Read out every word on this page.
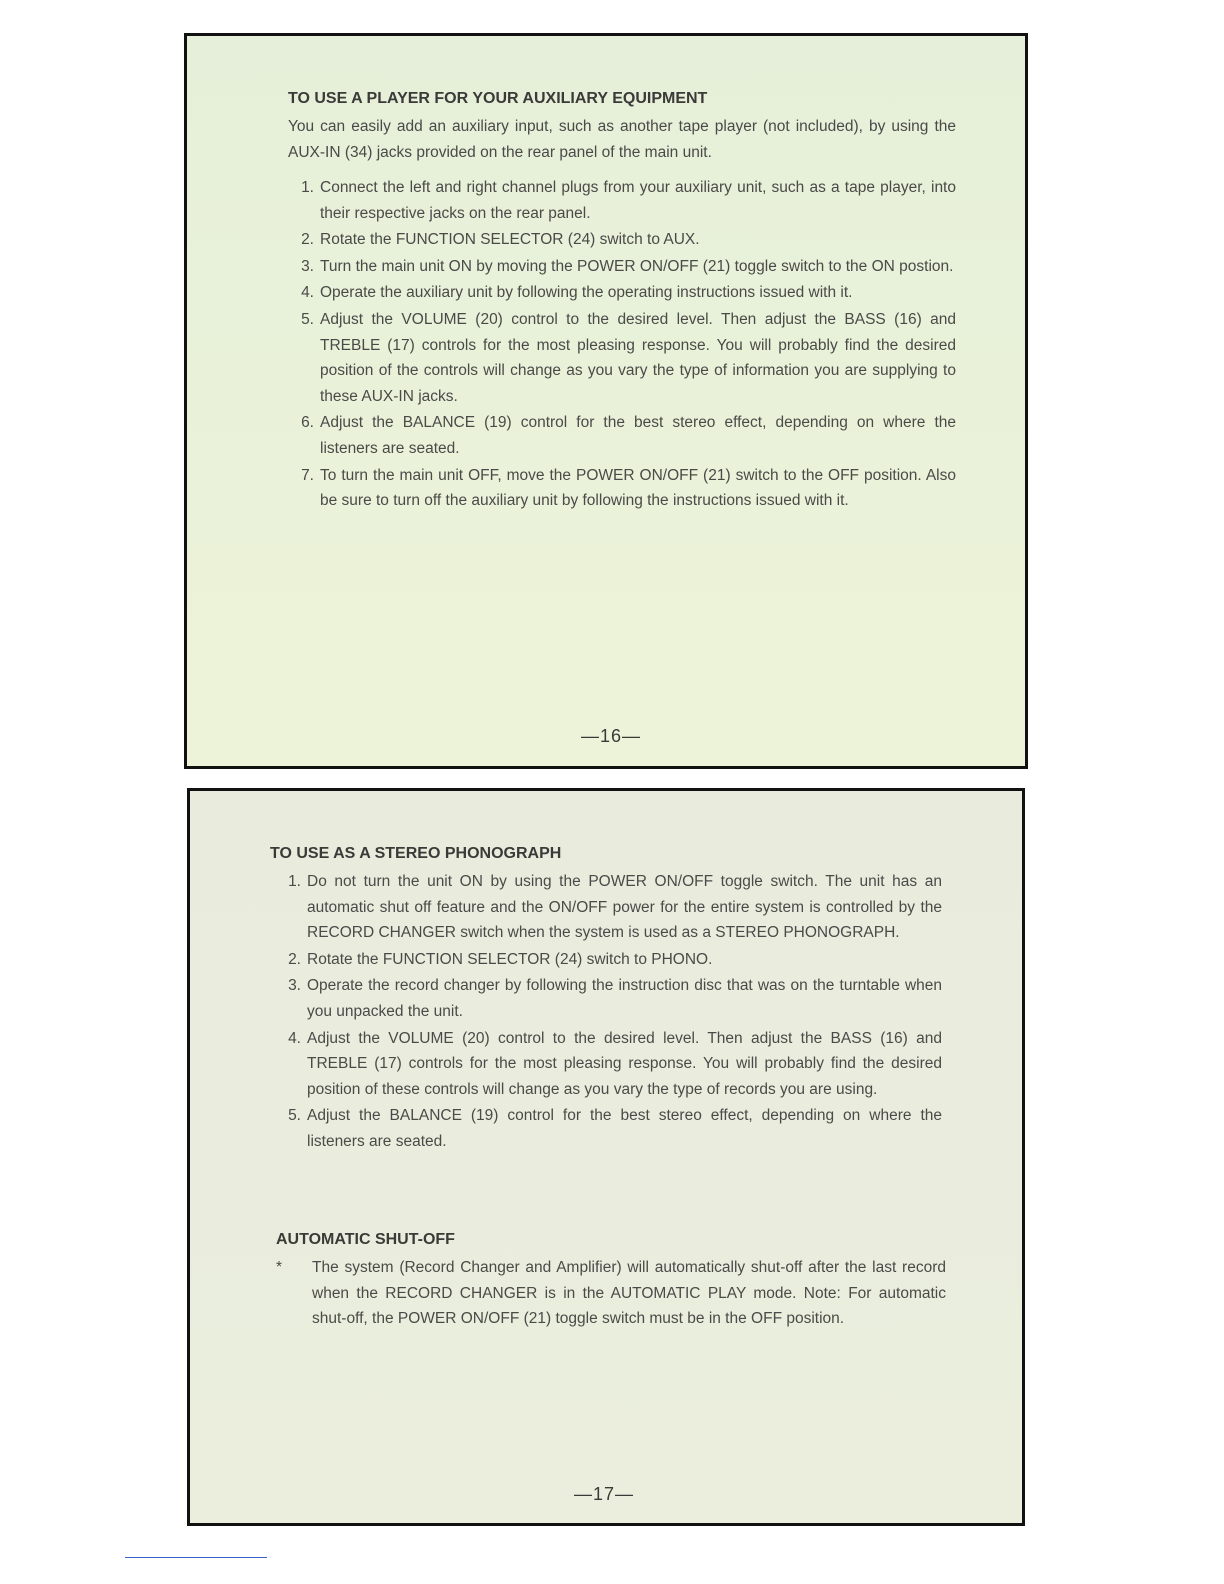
TO USE A PLAYER FOR YOUR AUXILIARY EQUIPMENT

You can easily add an auxiliary input, such as another tape player (not included), by using the AUX-IN (34) jacks provided on the rear panel of the main unit.

1. Connect the left and right channel plugs from your auxiliary unit, such as a tape player, into their respective jacks on the rear panel.
2. Rotate the FUNCTION SELECTOR (24) switch to AUX.
3. Turn the main unit ON by moving the POWER ON/OFF (21) toggle switch to the ON postion.
4. Operate the auxiliary unit by following the operating instructions issued with it.
5. Adjust the VOLUME (20) control to the desired level. Then adjust the BASS (16) and TREBLE (17) controls for the most pleasing response. You will probably find the desired position of the controls will change as you vary the type of information you are supplying to these AUX-IN jacks.
6. Adjust the BALANCE (19) control for the best stereo effect, depending on where the listeners are seated.
7. To turn the main unit OFF, move the POWER ON/OFF (21) switch to the OFF position. Also be sure to turn off the auxiliary unit by following the instructions issued with it.
—16—
TO USE AS A STEREO PHONOGRAPH
1. Do not turn the unit ON by using the POWER ON/OFF toggle switch. The unit has an automatic shut off feature and the ON/OFF power for the entire system is controlled by the RECORD CHANGER switch when the system is used as a STEREO PHONOGRAPH.
2. Rotate the FUNCTION SELECTOR (24) switch to PHONO.
3. Operate the record changer by following the instruction disc that was on the turntable when you unpacked the unit.
4. Adjust the VOLUME (20) control to the desired level. Then adjust the BASS (16) and TREBLE (17) controls for the most pleasing response. You will probably find the desired position of these controls will change as you vary the type of records you are using.
5. Adjust the BALANCE (19) control for the best stereo effect, depending on where the listeners are seated.
AUTOMATIC SHUT-OFF
*	The system (Record Changer and Amplifier) will automatically shut-off after the last record when the RECORD CHANGER is in the AUTOMATIC PLAY mode. Note: For automatic shut-off, the POWER ON/OFF (21) toggle switch must be in the OFF position.
—17—
